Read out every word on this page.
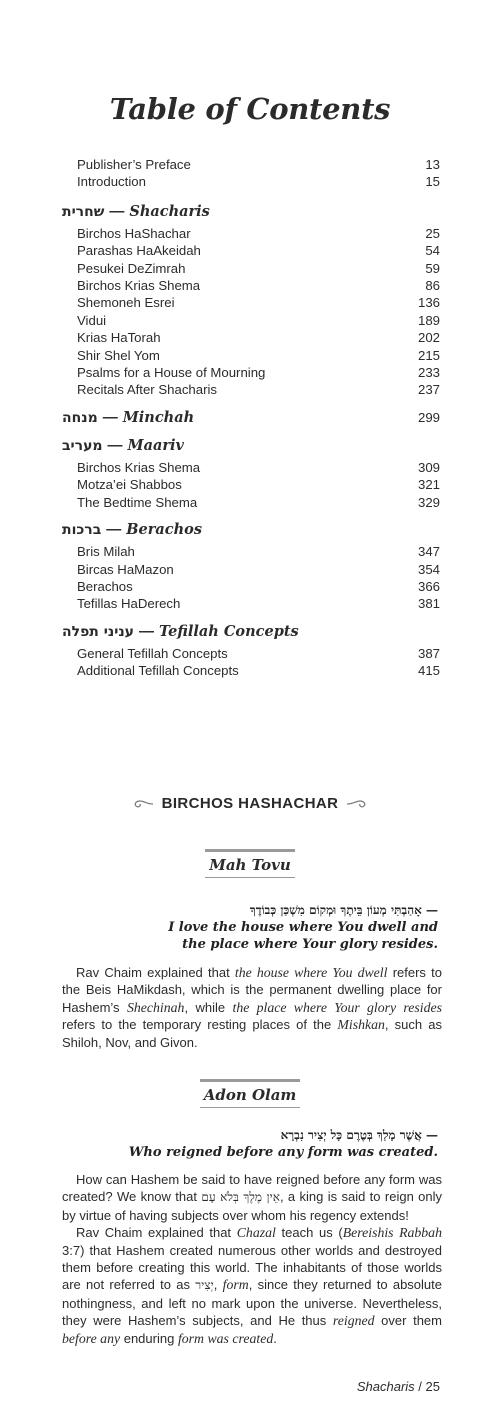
Table of Contents
Publisher’s Preface	13
Introduction	15
שחרית — Shacharis
Birchos HaShachar	25
Parashas HaAkeidah	54
Pesukei DeZimrah	59
Birchos Krias Shema	86
Shemoneh Esrei	136
Vidui	189
Krias HaTorah	202
Shir Shel Yom	215
Psalms for a House of Mourning	233
Recitals After Shacharis	237
מנחה — Minchah	299
מעריב — Maariv
Birchos Krias Shema	309
Motza’ei Shabbos	321
The Bedtime Shema	329
ברכות — Berachos
Bris Milah	347
Bircas HaMazon	354
Berachos	366
Tefillas HaDerech	381
עניני תפלה — Tefillah Concepts
General Tefillah Concepts	387
Additional Tefillah Concepts	415
BIRCHOS HASHACHAR
Mah Tovu
— אָהַבְתִּי מְעוֹן בֵּיתֶךָ וּמְקוֹם מִשְׁכַּן כְּבוֹדֶךָ
I love the house where You dwell and
the place where Your glory resides.

Rav Chaim explained that the house where You dwell refers to the Beis HaMikdash, which is the permanent dwelling place for Hashem’s Shechinah, while the place where Your glory resides refers to the temporary resting places of the Mishkan, such as Shiloh, Nov, and Givon.

Adon Olam
— אֲשֶׁר מָלַךְ בְּטֶרֶם כָּל יְצִיר נִבְרָא
Who reigned before any form was created.

How can Hashem be said to have reigned before any form was created? We know that אֵין מֶלֶךְ בְּלֹא עָם, a king is said to reign only by virtue of having subjects over whom his regency extends!

Rav Chaim explained that Chazal teach us (Bereishis Rabbah 3:7) that Hashem created numerous other worlds and destroyed them before creating this world. The inhabitants of those worlds are not referred to as יְצִיר, form, since they returned to absolute nothingness, and left no mark upon the universe. Nevertheless, they were Hashem’s subjects, and He thus reigned over them before any enduring form was created.

Shacharis / 25
